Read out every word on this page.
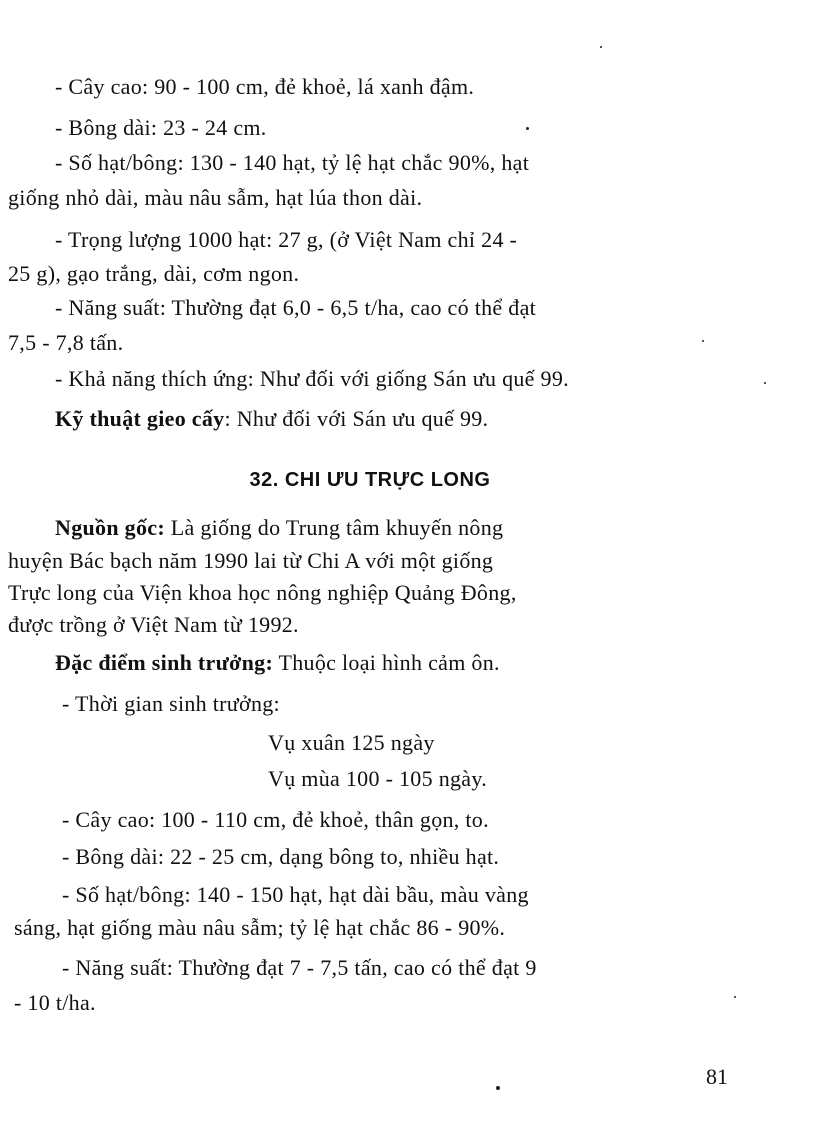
- Cây cao: 90 - 100 cm, đẻ khoẻ, lá xanh đậm.
- Bông dài: 23 - 24 cm.
- Số hạt/bông: 130 - 140 hạt, tỷ lệ hạt chắc 90%, hạt
giống nhỏ dài, màu nâu sẫm, hạt lúa thon dài.
- Trọng lượng 1000 hạt: 27 g, (ở Việt Nam chỉ 24 -
25 g), gạo trắng, dài, cơm ngon.
- Năng suất: Thường đạt 6,0 - 6,5 t/ha, cao có thể đạt
7,5 - 7,8 tấn.
- Khả năng thích ứng: Như đối với giống Sán ưu quế 99.
Kỹ thuật gieo cấy: Như đối với Sán ưu quế 99.
32. CHI ƯU TRỰC LONG
Nguồn gốc: Là giống do Trung tâm khuyến nông
huyện Bác bạch năm 1990 lai từ Chi A với một giống
Trực long của Viện khoa học nông nghiệp Quảng Đông,
được trồng ở Việt Nam từ 1992.
Đặc điểm sinh trưởng: Thuộc loại hình cảm ôn.
- Thời gian sinh trưởng:
Vụ xuân 125 ngày
Vụ mùa 100 - 105 ngày.
- Cây cao: 100 - 110 cm, đẻ khoẻ, thân gọn, to.
- Bông dài: 22 - 25 cm, dạng bông to, nhiều hạt.
- Số hạt/bông: 140 - 150 hạt, hạt dài bầu, màu vàng
sáng, hạt giống màu nâu sẫm; tỷ lệ hạt chắc 86 - 90%.
- Năng suất: Thường đạt 7 - 7,5 tấn, cao có thể đạt 9
- 10 t/ha.
81
